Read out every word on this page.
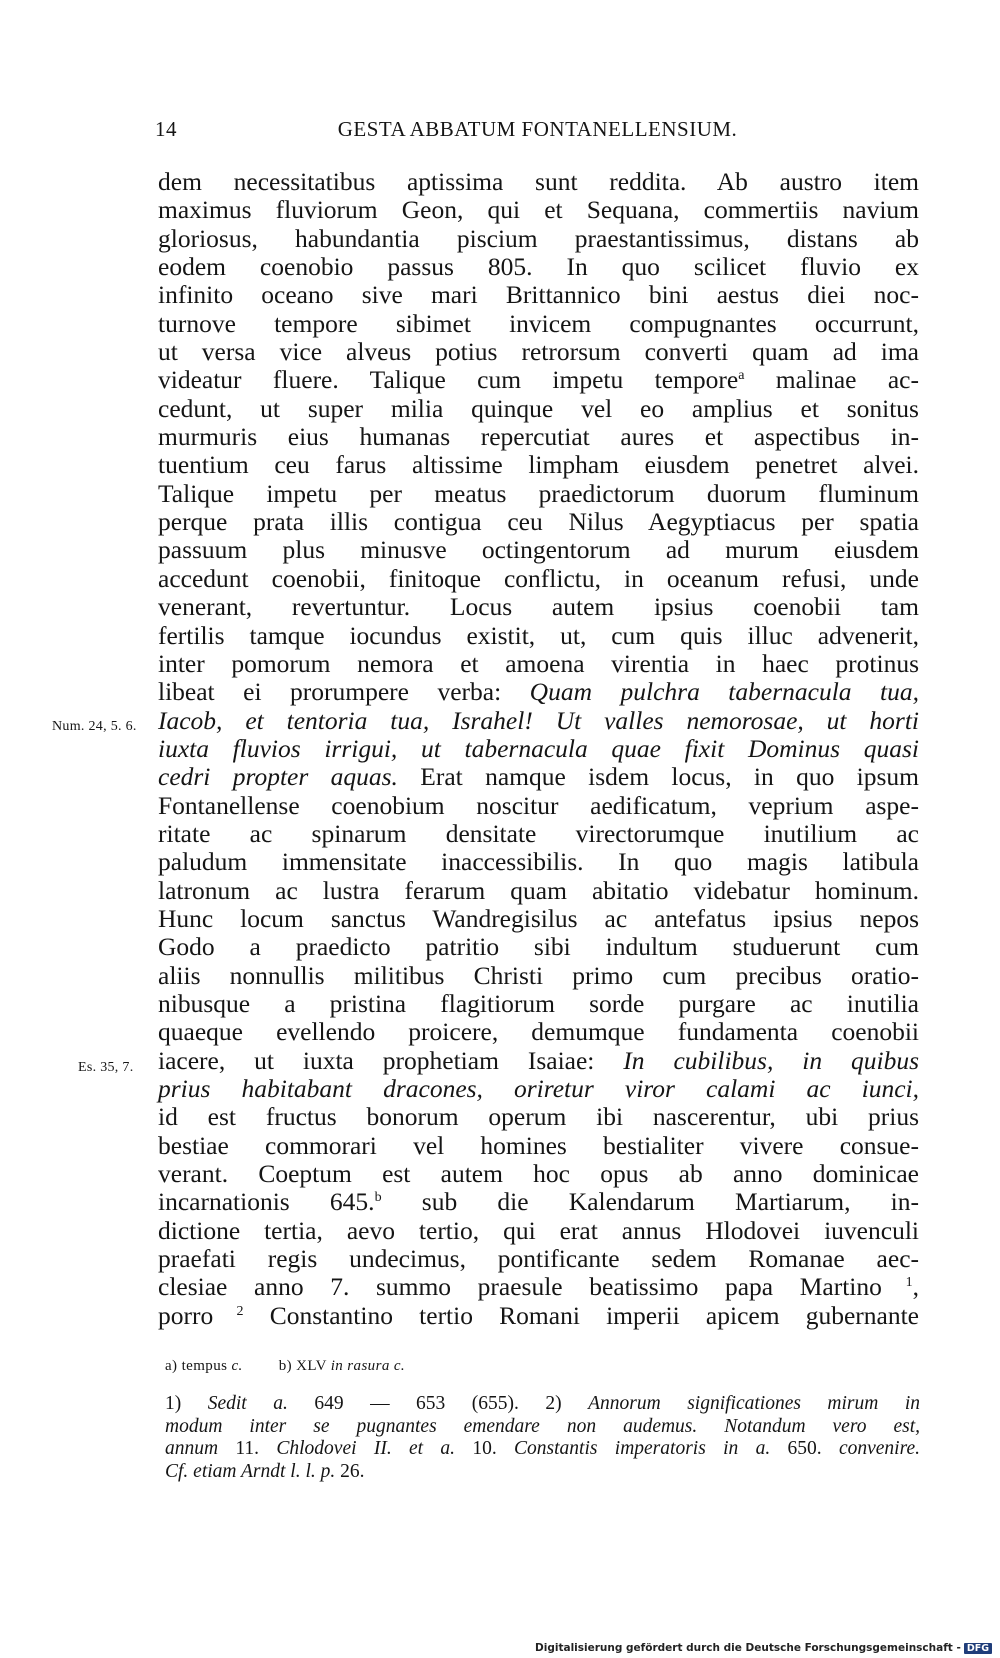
14	GESTA ABBATUM FONTANELLENSIUM.
Num. 24, 5. 6.
Es. 35, 7.
dem necessitatibus aptissima sunt reddita. Ab austro item
maximus fluviorum Geon, qui et Sequana, commertiis navium
gloriosus, habundantia piscium praestantissimus, distans ab
eodem coenobio passus 805. In quo scilicet fluvio ex
infinito oceano sive mari Brittannico bini aestus diei noc-
turnove tempore sibimet invicem compugnantes occurrunt,
ut versa vice alveus potius retrorsum converti quam ad ima
videatur fluere. Talique cum impetu tempore$^a$ malinae ac-
cedunt, ut super milia quinque vel eo amplius et sonitus
murmuris eius humanas repercutiat aures et aspectibus in-
tuentium ceu farus altissime limpham eiusdem penetret alvei.
Talique impetu per meatus praedictorum duorum fluminum
perque prata illis contigua ceu Nilus Aegyptiacus per spatia
passuum plus minusve octingentorum ad murum eiusdem
accedunt coenobii, finitoque conflictu, in oceanum refusi, unde
venerant, revertuntur. Locus autem ipsius coenobii tam
fertilis tamque iocundus existit, ut, cum quis illuc advenerit,
inter pomorum nemora et amoena virentia in haec protinus
libeat ei prorumpere verba: Quam pulchra tabernacula tua,
Iacob, et tentoria tua, Israhel! Ut valles nemorosae, ut horti
iuxta fluvios irrigui, ut tabernacula quae fixit Dominus quasi
cedri propter aquas. Erat namque isdem locus, in quo ipsum
Fontanellense coenobium noscitur aedificatum, veprium aspe-
ritate ac spinarum densitate virectorumque inutilium ac
paludum immensitate inaccessibilis. In quo magis latibula
latronum ac lustra ferarum quam abitatio videbatur hominum.
Hunc locum sanctus Wandregisilus ac antefatus ipsius nepos
Godo a praedicto patritio sibi indultum studuerunt cum
aliis nonnullis militibus Christi primo cum precibus oratio-
nibusque a pristina flagitiorum sorde purgare ac inutilia
quaeque evellendo proicere, demumque fundamenta coenobii
iacere, ut iuxta prophetiam Isaiae: In cubilibus, in quibus
prius habitabant dracones, oriretur viror calami ac iunci,
id est fructus bonorum operum ibi nascerentur, ubi prius
bestiae commorari vel homines bestialiter vivere consue-
verant. Coeptum est autem hoc opus ab anno dominicae
incarnationis 645.$^b$ sub die Kalendarum Martiarum, in-
dictione tertia, aevo tertio, qui erat annus Hlodovei iuvenculi
praefati regis undecimus, pontificante sedem Romanae aec-
clesiae anno 7. summo praesule beatissimo papa Martino $^1$,
porro $^2$ Constantino tertio Romani imperii apicem gubernante
a) tempus c. b) XLV in rasura c.
1) Sedit a. 649 — 653 (655). 2) Annorum significationes mirum in
modum inter se pugnantes emendare non audemus. Notandum vero est,
annum 11. Chlodovei II. et a. 10. Constantis imperatoris in a. 650. convenire.
Cf. etiam Arndt l. l. p. 26.
Digitalisierung gefördert durch die Deutsche Forschungsgemeinschaft - DFG
